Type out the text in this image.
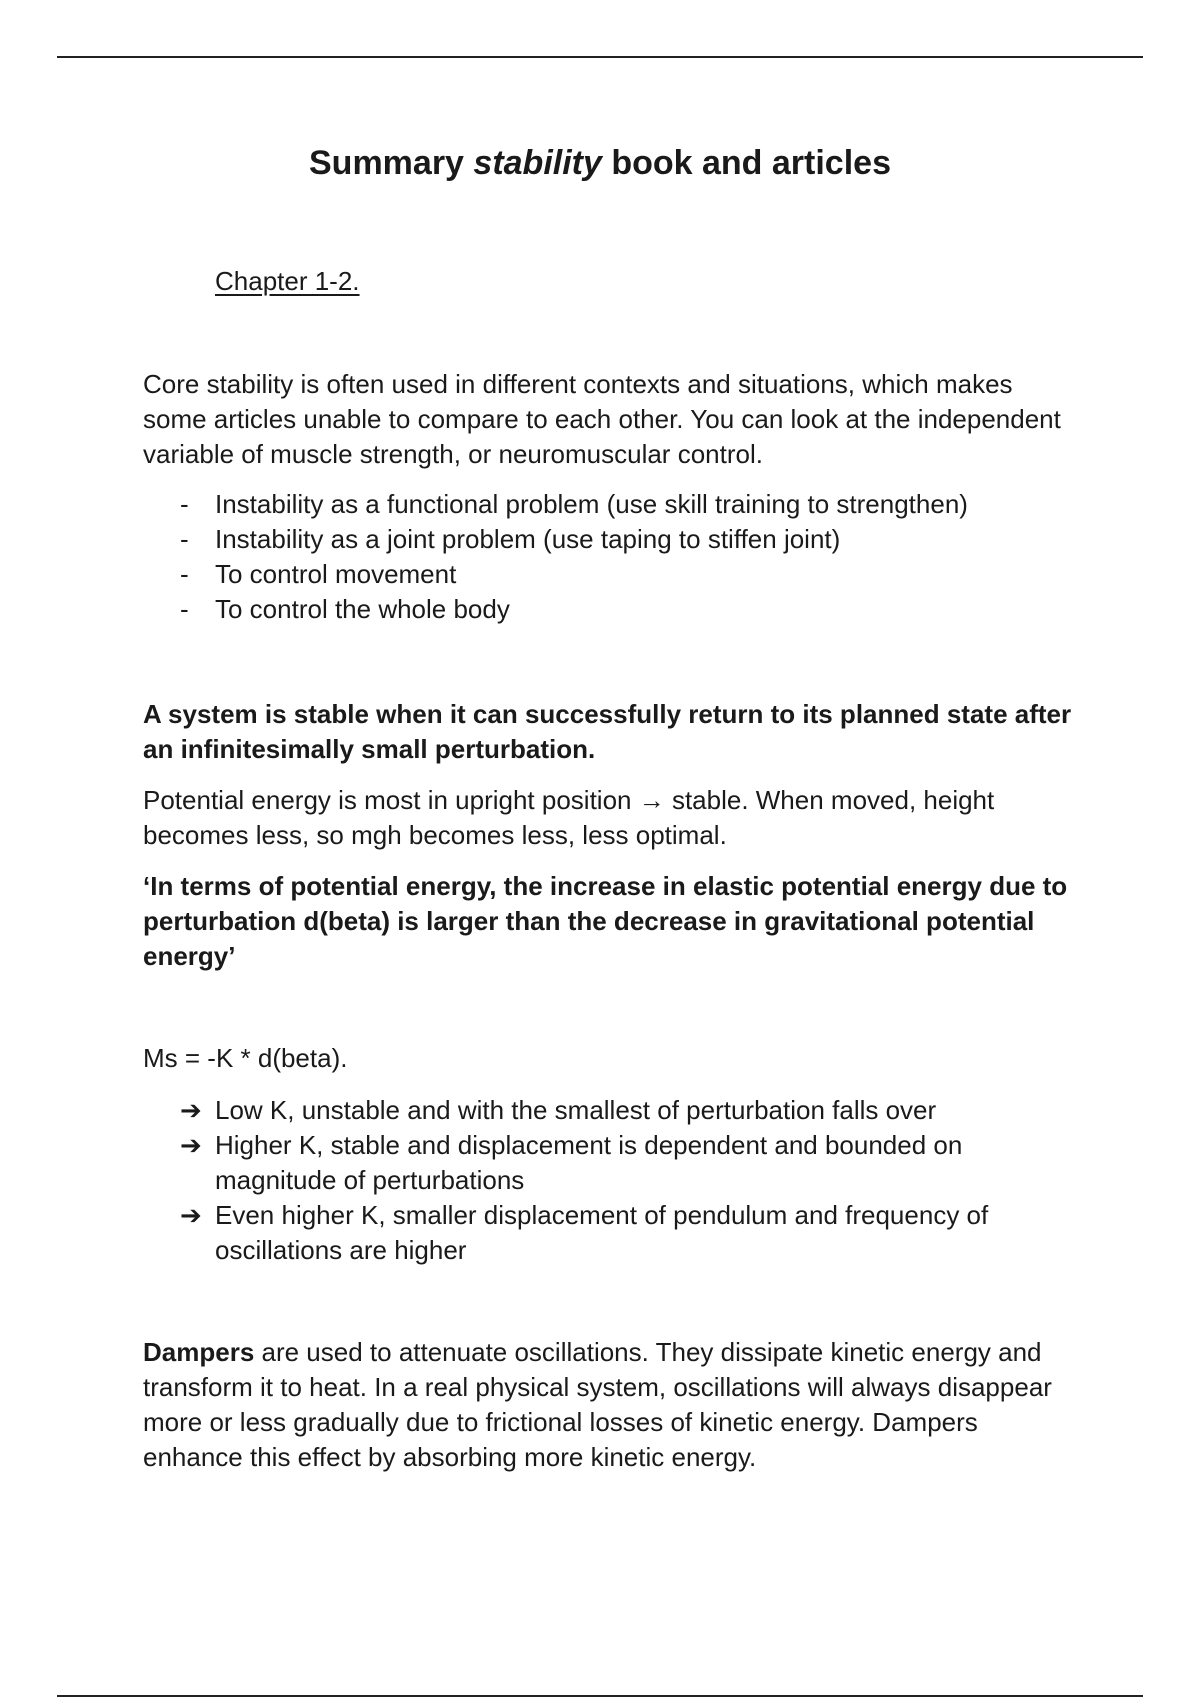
Summary stability book and articles
Chapter 1-2.
Core stability is often used in different contexts and situations, which makes some articles unable to compare to each other. You can look at the independent variable of muscle strength, or neuromuscular control.
-	Instability as a functional problem (use skill training to strengthen)
-	Instability as a joint problem (use taping to stiffen joint)
-	To control movement
-	To control the whole body
A system is stable when it can successfully return to its planned state after an infinitesimally small perturbation.
Potential energy is most in upright position → stable. When moved, height becomes less, so mgh becomes less, less optimal.
‘In terms of potential energy, the increase in elastic potential energy due to perturbation d(beta) is larger than the decrease in gravitational potential energy’
Ms = -K * d(beta).
➔ Low K, unstable and with the smallest of perturbation falls over
➔ Higher K, stable and displacement is dependent and bounded on magnitude of perturbations
➔ Even higher K, smaller displacement of pendulum and frequency of oscillations are higher
Dampers are used to attenuate oscillations. They dissipate kinetic energy and transform it to heat. In a real physical system, oscillations will always disappear more or less gradually due to frictional losses of kinetic energy. Dampers enhance this effect by absorbing more kinetic energy.
